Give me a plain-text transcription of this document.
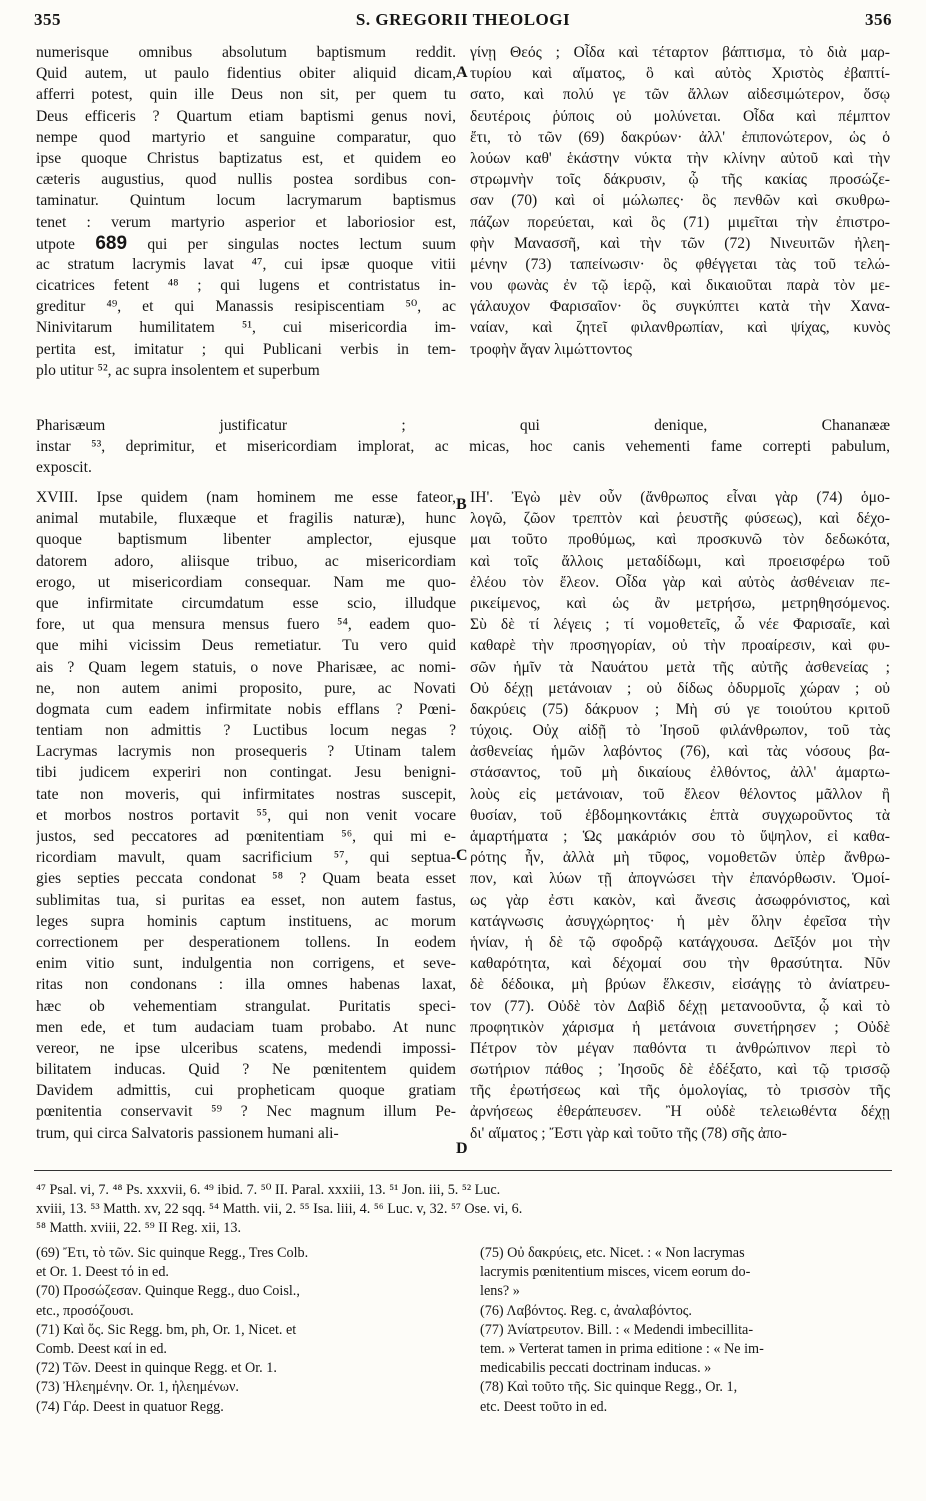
355	S. GREGORII THEOLOGI	356
numerisque omnibus absolutum baptismum reddit.
Quid autem, ut paulo fidentius obiter aliquid dicam,
afferri potest, quin ille Deus non sit, per quem tu
Deus efficeris ? Quartum etiam baptismi genus novi,
nempe quod martyrio et sanguine comparatur, quo
ipse quoque Christus baptizatus est, et quidem eo
cæteris augustius, quod nullis postea sordibus con-
taminatur. Quintum locum lacrymarum baptismus
tenet : verum martyrio asperior et laboriosior est,
utpote 689 qui per singulas noctes lectum suum
ac stratum lacrymis lavat ⁴⁷, cui ipsæ quoque vitii
cicatrices fetent ⁴⁸ ; qui lugens et contristatus in-
greditur ⁴⁹, et qui Manassis resipiscentiam ⁵⁰, ac
Ninivitarum humilitatem ⁵¹, cui misericordia im-
pertita est, imitatur ; qui Publicani verbis in tem-
plo utitur ⁵², ac supra insolentem et superbum
γίνῃ Θεός ; Οἶδα καὶ τέταρτον βάπτισμα, τὸ διὰ μαρ-
τυρίου καὶ αἵματος, ὃ καὶ αὐτὸς Χριστὸς ἐβαπτί-
σατο, καὶ πολύ γε τῶν ἄλλων αἰδεσιμώτερον, ὅσῳ
δευτέροις ῥύποις οὐ μολύνεται. Οἶδα καὶ πέμπτον
ἔτι, τὸ τῶν (69) δακρύων· ἀλλ' ἐπιπονώτερον, ὡς ὁ
λούων καθ' ἑκάστην νύκτα τὴν κλίνην αὐτοῦ καὶ τὴν
στρωμνὴν τοῖς δάκρυσιν, ᾧ τῆς κακίας προσώζε-
σαν (70) καὶ οἱ μώλωπες· ὃς πενθῶν καὶ σκυθρω-
πάζων πορεύεται, καὶ ὃς (71) μιμεῖται τὴν ἐπιστρο-
φὴν Μανασσῆ, καὶ τὴν τῶν (72) Νινευιτῶν ἠλεη-
μένην (73) ταπείνωσιν· ὃς φθέγγεται τὰς τοῦ τελώ-
νου φωνὰς ἐν τῷ ἱερῷ, καὶ δικαιοῦται παρὰ τὸν με-
γάλαυχον Φαρισαῖον· ὃς συγκύπτει κατὰ τὴν Χανα-
ναίαν, καὶ ζητεῖ φιλανθρωπίαν, καὶ ψίχας, κυνὸς
τροφὴν ἄγαν λιμώττοντος
Pharisæum justificatur ; qui denique, Chananææ
instar ⁵³, deprimitur, et misericordiam implorat, ac micas, hoc canis vehementi fame correpti pabulum,
exposcit.
XVIII. Ipse quidem (nam hominem me esse fateor,
animal mutabile, fluxæque et fragilis naturæ), hunc
quoque baptismum libenter amplector, ejusque
datorem adoro, aliisque tribuo, ac misericordiam
erogo, ut misericordiam consequar. Nam me quo-
que infirmitate circumdatum esse scio, illudque
fore, ut qua mensura mensus fuero ⁵⁴, eadem quo-
que mihi vicissim Deus remetiatur. Tu vero quid
ais ? Quam legem statuis, o nove Pharisæe, ac nomi-
ne, non autem animi proposito, pure, ac Novati
dogmata cum eadem infirmitate nobis efflans ? Pœni-
tentiam non admittis ? Luctibus locum negas ?
Lacrymas lacrymis non prosequeris ? Utinam talem
tibi judicem experiri non contingat. Jesu benigni-
tate non moveris, qui infirmitates nostras suscepit,
et morbos nostros portavit ⁵⁵, qui non venit vocare
justos, sed peccatores ad pœnitentiam ⁵⁶, qui mi e-
ricordiam mavult, quam sacrificium ⁵⁷, qui septua-
gies septies peccata condonat ⁵⁸ ? Quam beata esset
sublimitas tua, si puritas ea esset, non autem fastus,
leges supra hominis captum instituens, ac morum
correctionem per desperationem tollens. In eodem
enim vitio sunt, indulgentia non corrigens, et seve-
ritas non condonans : illa omnes habenas laxat,
hæc ob vehementiam strangulat. Puritatis speci-
men ede, et tum audaciam tuam probabo. At nunc
vereor, ne ipse ulceribus scatens, medendi impossi-
bilitatem inducas. Quid ? Ne pœnitentem quidem
Davidem admittis, cui propheticam quoque gratiam
pœnitentia conservavit ⁵⁹ ? Nec magnum illum Pe-
trum, qui circa Salvatoris passionem humani ali-
ΙΗ'. Ἐγὼ μὲν οὖν (ἄνθρωπος εἶναι γὰρ (74) ὁμο-
λογῶ, ζῶον τρεπτὸν καὶ ῥευστῆς φύσεως), καὶ δέχο-
μαι τοῦτο προθύμως, καὶ προσκυνῶ τὸν δεδωκότα,
καὶ τοῖς ἄλλοις μεταδίδωμι, καὶ προεισφέρω τοῦ
ἐλέου τὸν ἔλεον. Οἶδα γὰρ καὶ αὐτὸς ἀσθένειαν πε-
ρικείμενος, καὶ ὡς ἂν μετρήσω, μετρηθησόμενος.
Σὺ δὲ τί λέγεις ; τί νομοθετεῖς, ὦ νέε Φαρισαῖε, καὶ
καθαρὲ τὴν προσηγορίαν, οὐ τὴν προαίρεσιν, καὶ φυ-
σῶν ἡμῖν τὰ Ναυάτου μετὰ τῆς αὐτῆς ἀσθενείας ;
Οὐ δέχῃ μετάνοιαν ; οὐ δίδως ὀδυρμοῖς χώραν ; οὐ
δακρύεις (75) δάκρυον ; Μὴ σύ γε τοιούτου κριτοῦ
τύχοις. Οὐχ αἰδῇ τὸ Ἰησοῦ φιλάνθρωπον, τοῦ τὰς
ἀσθενείας ἡμῶν λαβόντος (76), καὶ τὰς νόσους βα-
στάσαντος, τοῦ μὴ δικαίους ἐλθόντος, ἀλλ' ἁμαρτω-
λοὺς εἰς μετάνοιαν, τοῦ ἔλεον θέλοντος μᾶλλον ἢ
θυσίαν, τοῦ ἑβδομηκοντάκις ἑπτὰ συγχωροῦντος τὰ
ἁμαρτήματα ; Ὡς μακάριόν σου τὸ ὕψηλον, εἰ καθα-
ρότης ἦν, ἀλλὰ μὴ τῦφος, νομοθετῶν ὑπὲρ ἄνθρω-
πον, καὶ λύων τῇ ἀπογνώσει τὴν ἐπανόρθωσιν. Ὁμοί-
ως γὰρ ἐστι κακὸν, καὶ ἄνεσις ἀσωφρόνιστος, καὶ
κατάγνωσις ἀσυγχώρητος· ἡ μὲν ὅλην ἐφεῖσα τὴν
ἡνίαν, ἡ δὲ τῷ σφοδρῷ κατάγχουσα. Δεῖξόν μοι τὴν
καθαρότητα, καὶ δέχομαί σου τὴν θρασύτητα. Νῦν
δὲ δέδοικα, μὴ βρύων ἕλκεσιν, εἰσάγῃς τὸ ἀνίατρευ-
τον (77). Οὐδὲ τὸν Δαβὶδ δέχῃ μετανοοῦντα, ᾧ καὶ τὸ
προφητικὸν χάρισμα ἡ μετάνοια συνετήρησεν ; Οὐδὲ
Πέτρον τὸν μέγαν παθόντα τι ἀνθρώπινον περὶ τὸ
σωτήριον πάθος ; Ἰησοῦς δὲ ἐδέξατο, καὶ τῷ τρισσῷ
τῆς ἐρωτήσεως καὶ τῆς ὁμολογίας, τὸ τρισσὸν τῆς
ἀρνήσεως ἐθεράπευσεν. Ἢ οὐδὲ τελειωθέντα δέχῃ
δι' αἵματος ; Ἔστι γὰρ καὶ τοῦτο τῆς (78) σῆς ἀπο-
A
B
C
D
⁴⁷ Psal. vi, 7. ⁴⁸ Ps. xxxvii, 6. ⁴⁹ ibid. 7. ⁵⁰ II. Paral. xxxiii, 13. ⁵¹ Jon. iii, 5. ⁵² Luc.
xviii, 13. ⁵³ Matth. xv, 22 sqq. ⁵⁴ Matth. vii, 2. ⁵⁵ Isa. liii, 4. ⁵⁶ Luc. v, 32. ⁵⁷ Ose. vi, 6.
⁵⁸ Matth. xviii, 22. ⁵⁹ II Reg. xii, 13.
(69) Ἔτι, τὸ τῶν. Sic quinque Regg., Tres Colb.
et Or. 1. Deest τό in ed.
(70) Προσώζεσαν. Quinque Regg., duo Coisl.,
etc., προσόζουσι.
(71) Καὶ ὅς. Sic Regg. bm, ph, Or. 1, Nicet. et
Comb. Deest καί in ed.
(72) Τῶν. Deest in quinque Regg. et Or. 1.
(73) Ἠλεημένην. Or. 1, ἠλεημένων.
(74) Γάρ. Deest in quatuor Regg.
(75) Οὐ δακρύεις, etc. Nicet. : « Non lacrymas
lacrymis pœnitentium misces, vicem eorum do-
lens? »
(76) Λαβόντος. Reg. c, ἀναλαβόντος.
(77) Ἀνίατρευτον. Bill. : « Medendi imbecillita-
tem. » Verterat tamen in prima editione : « Ne im-
medicabilis peccati doctrinam inducas. »
(78) Καὶ τοῦτο τῆς. Sic quinque Regg., Or. 1,
etc. Deest τοῦτο in ed.
